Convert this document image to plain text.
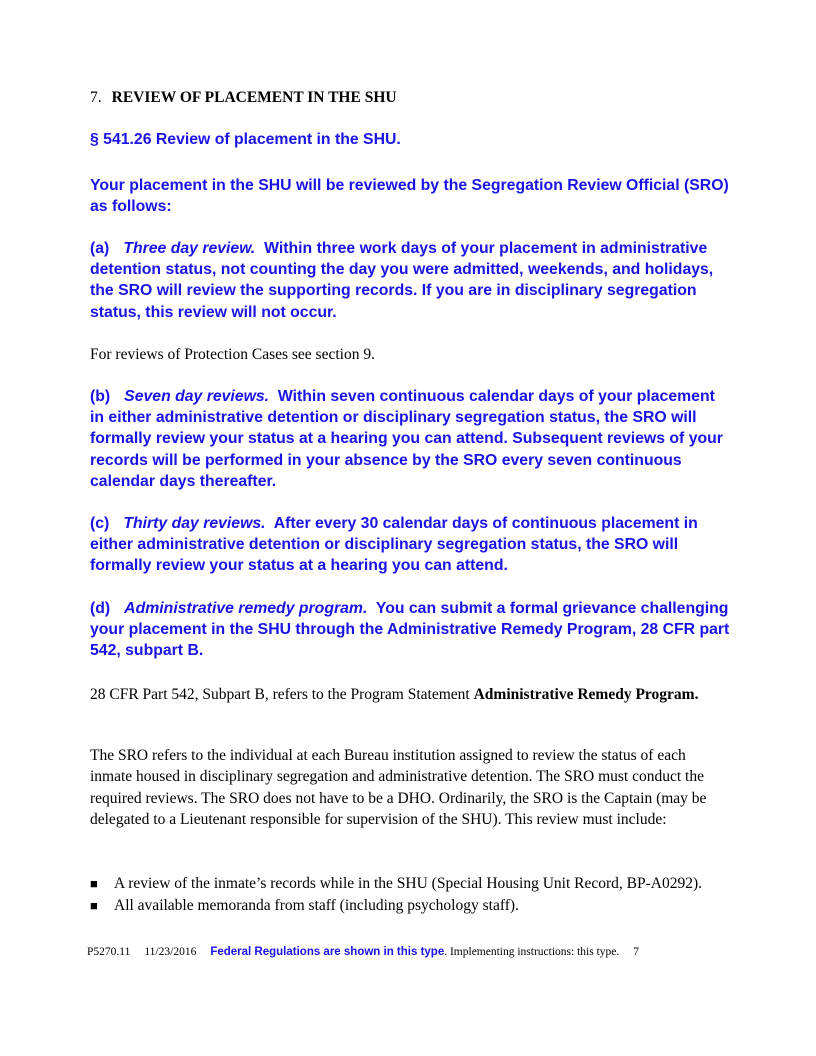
7. REVIEW OF PLACEMENT IN THE SHU

§ 541.26 Review of placement in the SHU.

Your placement in the SHU will be reviewed by the Segregation Review Official (SRO) as follows:

(a) Three day review. Within three work days of your placement in administrative detention status, not counting the day you were admitted, weekends, and holidays, the SRO will review the supporting records. If you are in disciplinary segregation status, this review will not occur.

For reviews of Protection Cases see section 9.

(b) Seven day reviews. Within seven continuous calendar days of your placement in either administrative detention or disciplinary segregation status, the SRO will formally review your status at a hearing you can attend. Subsequent reviews of your records will be performed in your absence by the SRO every seven continuous calendar days thereafter.

(c) Thirty day reviews. After every 30 calendar days of continuous placement in either administrative detention or disciplinary segregation status, the SRO will formally review your status at a hearing you can attend.

(d) Administrative remedy program. You can submit a formal grievance challenging your placement in the SHU through the Administrative Remedy Program, 28 CFR part 542, subpart B.

28 CFR Part 542, Subpart B, refers to the Program Statement Administrative Remedy Program.

The SRO refers to the individual at each Bureau institution assigned to review the status of each inmate housed in disciplinary segregation and administrative detention. The SRO must conduct the required reviews. The SRO does not have to be a DHO. Ordinarily, the SRO is the Captain (may be delegated to a Lieutenant responsible for supervision of the SHU). This review must include:

■ A review of the inmate’s records while in the SHU (Special Housing Unit Record, BP-A0292).
■ All available memoranda from staff (including psychology staff).
P5270.11 11/23/2016 Federal Regulations are shown in this type. Implementing instructions: this type. 7
